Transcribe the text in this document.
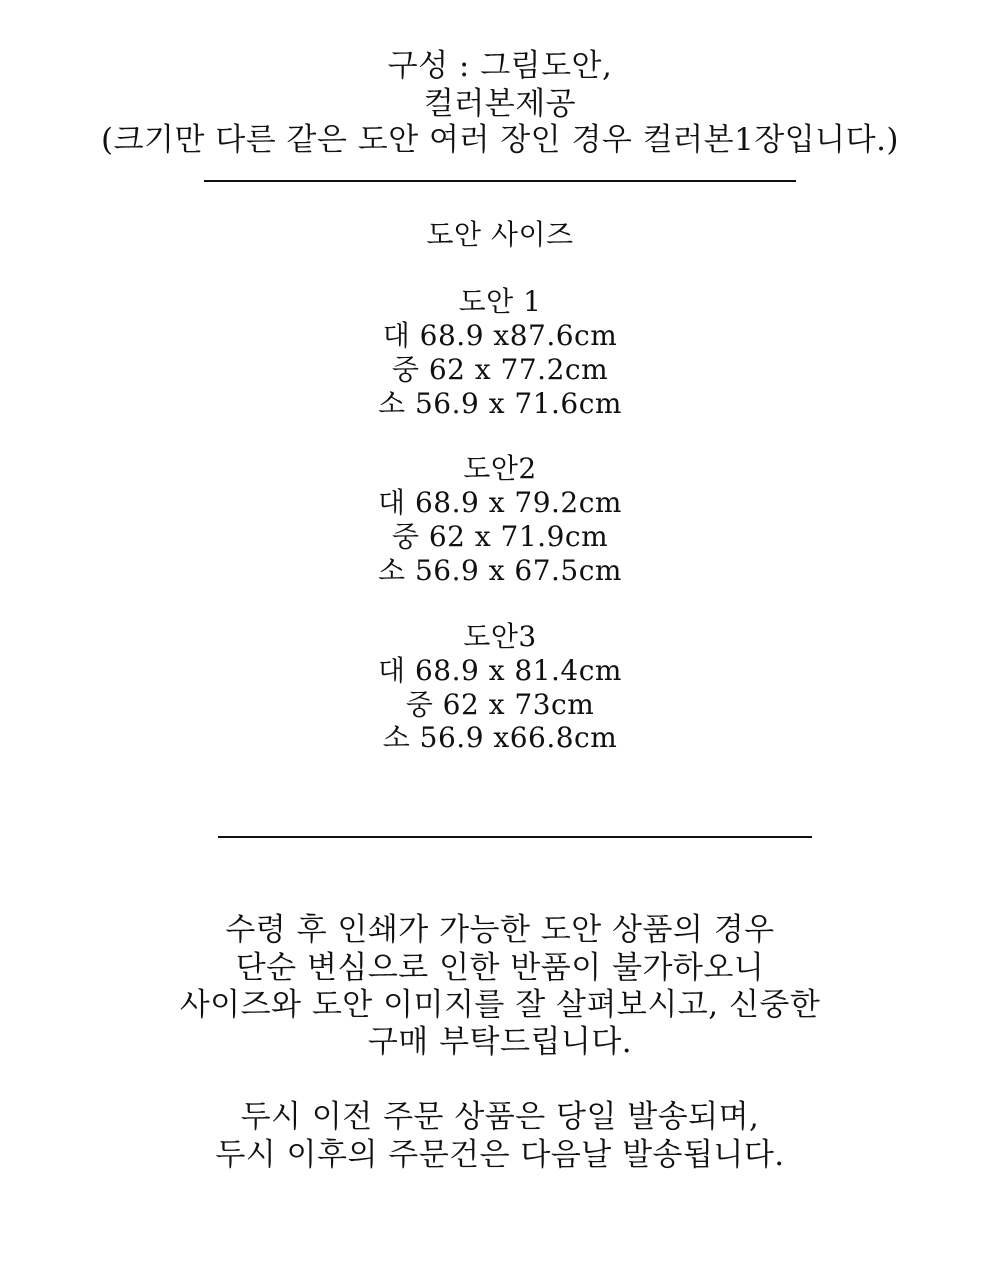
구성 : 그림도안,
컬러본제공
(크기만 다른 같은 도안 여러 장인 경우 컬러본1장입니다.)
도안 사이즈
도안 1
대 68.9 x87.6cm
중 62 x 77.2cm
소 56.9 x 71.6cm
도안2
대 68.9 x 79.2cm
중 62 x 71.9cm
소 56.9 x 67.5cm
도안3
대 68.9 x 81.4cm
중 62 x 73cm
소 56.9 x66.8cm
수령 후 인쇄가 가능한 도안 상품의 경우
단순 변심으로 인한 반품이 불가하오니
사이즈와 도안 이미지를 잘 살펴보시고, 신중한
구매 부탁드립니다.
두시 이전 주문 상품은 당일 발송되며,
두시 이후의 주문건은 다음날 발송됩니다.
